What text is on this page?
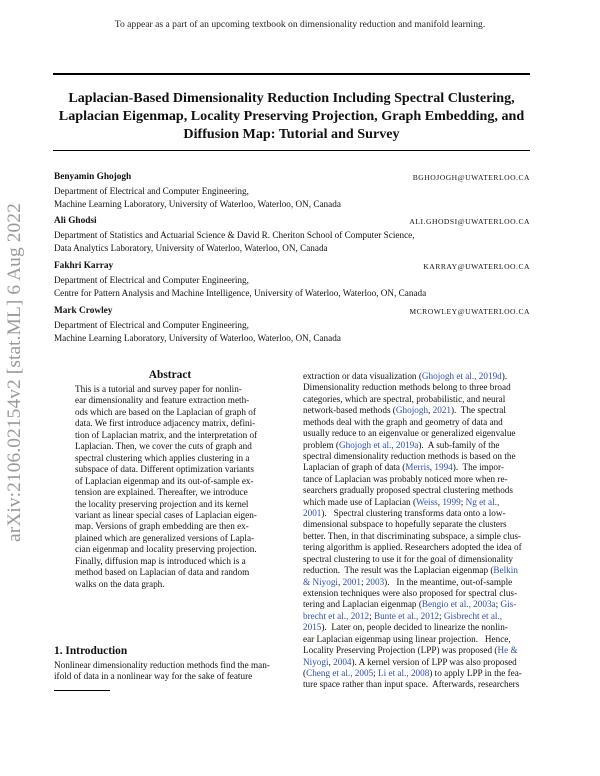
To appear as a part of an upcoming textbook on dimensionality reduction and manifold learning.
Laplacian-Based Dimensionality Reduction Including Spectral Clustering,
Laplacian Eigenmap, Locality Preserving Projection, Graph Embedding, and
Diffusion Map: Tutorial and Survey
Benyamin Ghojogh	BGHOJOGH@UWATERLOO.CA
Department of Electrical and Computer Engineering,
Machine Learning Laboratory, University of Waterloo, Waterloo, ON, Canada
Ali Ghodsi	ALI.GHODSI@UWATERLOO.CA
Department of Statistics and Actuarial Science & David R. Cheriton School of Computer Science,
Data Analytics Laboratory, University of Waterloo, Waterloo, ON, Canada
Fakhri Karray	KARRAY@UWATERLOO.CA
Department of Electrical and Computer Engineering,
Centre for Pattern Analysis and Machine Intelligence, University of Waterloo, Waterloo, ON, Canada
Mark Crowley	MCROWLEY@UWATERLOO.CA
Department of Electrical and Computer Engineering,
Machine Learning Laboratory, University of Waterloo, Waterloo, ON, Canada
arXiv:2106.02154v2 [stat.ML] 6 Aug 2022	Abstract
This is a tutorial and survey paper for nonlin-
ear dimensionality and feature extraction meth-
ods which are based on the Laplacian of graph of
data. We first introduce adjacency matrix, defini-
tion of Laplacian matrix, and the interpretation of
Laplacian. Then, we cover the cuts of graph and
spectral clustering which applies clustering in a
subspace of data. Different optimization variants
of Laplacian eigenmap and its out-of-sample ex-
tension are explained. Thereafter, we introduce
the locality preserving projection and its kernel
variant as linear special cases of Laplacian eigen-
map. Versions of graph embedding are then ex-
plained which are generalized versions of Lapla-
cian eigenmap and locality preserving projection.
Finally, diffusion map is introduced which is a
method based on Laplacian of data and random
walks on the data graph.
1. Introduction
Nonlinear dimensionality reduction methods find the man-
ifold of data in a nonlinear way for the sake of feature
extraction or data visualization (Ghojogh et al., 2019d).
Dimensionality reduction methods belong to three broad
categories, which are spectral, probabilistic, and neural
network-based methods (Ghojogh, 2021).  The spectral
methods deal with the graph and geometry of data and
usually reduce to an eigenvalue or generalized eigenvalue
problem (Ghojogh et al., 2019a).  A sub-family of the
spectral dimensionality reduction methods is based on the
Laplacian of graph of data (Merris, 1994).  The impor-
tance of Laplacian was probably noticed more when re-
searchers gradually proposed spectral clustering methods
which made use of Laplacian (Weiss, 1999; Ng et al.,
2001).   Spectral clustering transforms data onto a low-
dimensional subspace to hopefully separate the clusters
better. Then, in that discriminating subspace, a simple clus-
tering algorithm is applied. Researchers adopted the idea of
spectral clustering to use it for the goal of dimensionality
reduction.  The result was the Laplacian eigenmap (Belkin
& Niyogi, 2001; 2003).   In the meantime, out-of-sample
extension techniques were also proposed for spectral clus-
tering and Laplacian eigenmap (Bengio et al., 2003a; Gis-
brecht et al., 2012; Bunte et al., 2012; Gisbrecht et al.,
2015).  Later on, people decided to linearize the nonlin-
ear Laplacian eigenmap using linear projection.   Hence,
Locality Preserving Projection (LPP) was proposed (He &
Niyogi, 2004). A kernel version of LPP was also proposed
(Cheng et al., 2005; Li et al., 2008) to apply LPP in the fea-
ture space rather than input space.  Afterwards, researchers
